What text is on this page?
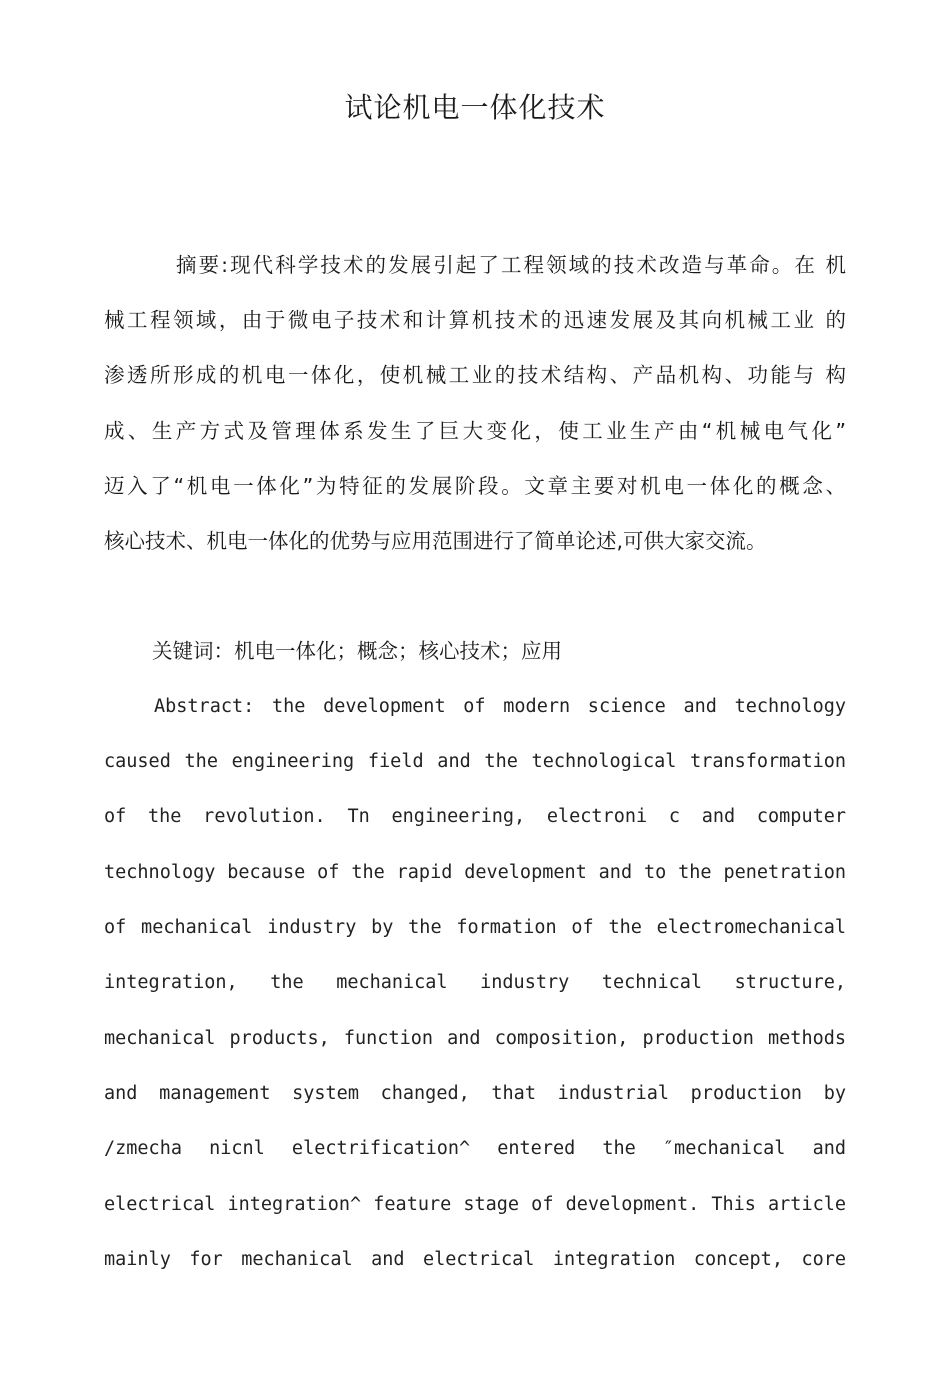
试论机电一体化技术
摘要:现代科学技术的发展引起了工程领域的技术改造与革命。在 机
械工程领域，由于微电子技术和计算机技术的迅速发展及其向机械工业 的
渗透所形成的机电一体化，使机械工业的技术结构、产品机构、功能与 构
成、生产方式及管理体系发生了巨大变化，使工业生产由“机械电气化”
迈入了“机电一体化”为特征的发展阶段。文章主要对机电一体化的概念、
核心技术、机电一体化的优势与应用范围进行了简单论述,可供大家交流。
关键词：机电一体化；概念；核心技术；应用
Abstract: the development of modern science and technology
caused the engineering field and the technological transformation
of the revolution. Tn engineering, electroni c and computer
technology because of the rapid development and to the penetration
of mechanical industry by the formation of the electromechanical
integration, the mechanical industry technical structure,
mechanical products, function and composition, production methods
and management system changed, that industrial production by
/zmecha nicnl electrification^ entered the ″mechanical and
electrical integration^ feature stage of development. This article
mainly for mechanical and electrical integration concept, core
